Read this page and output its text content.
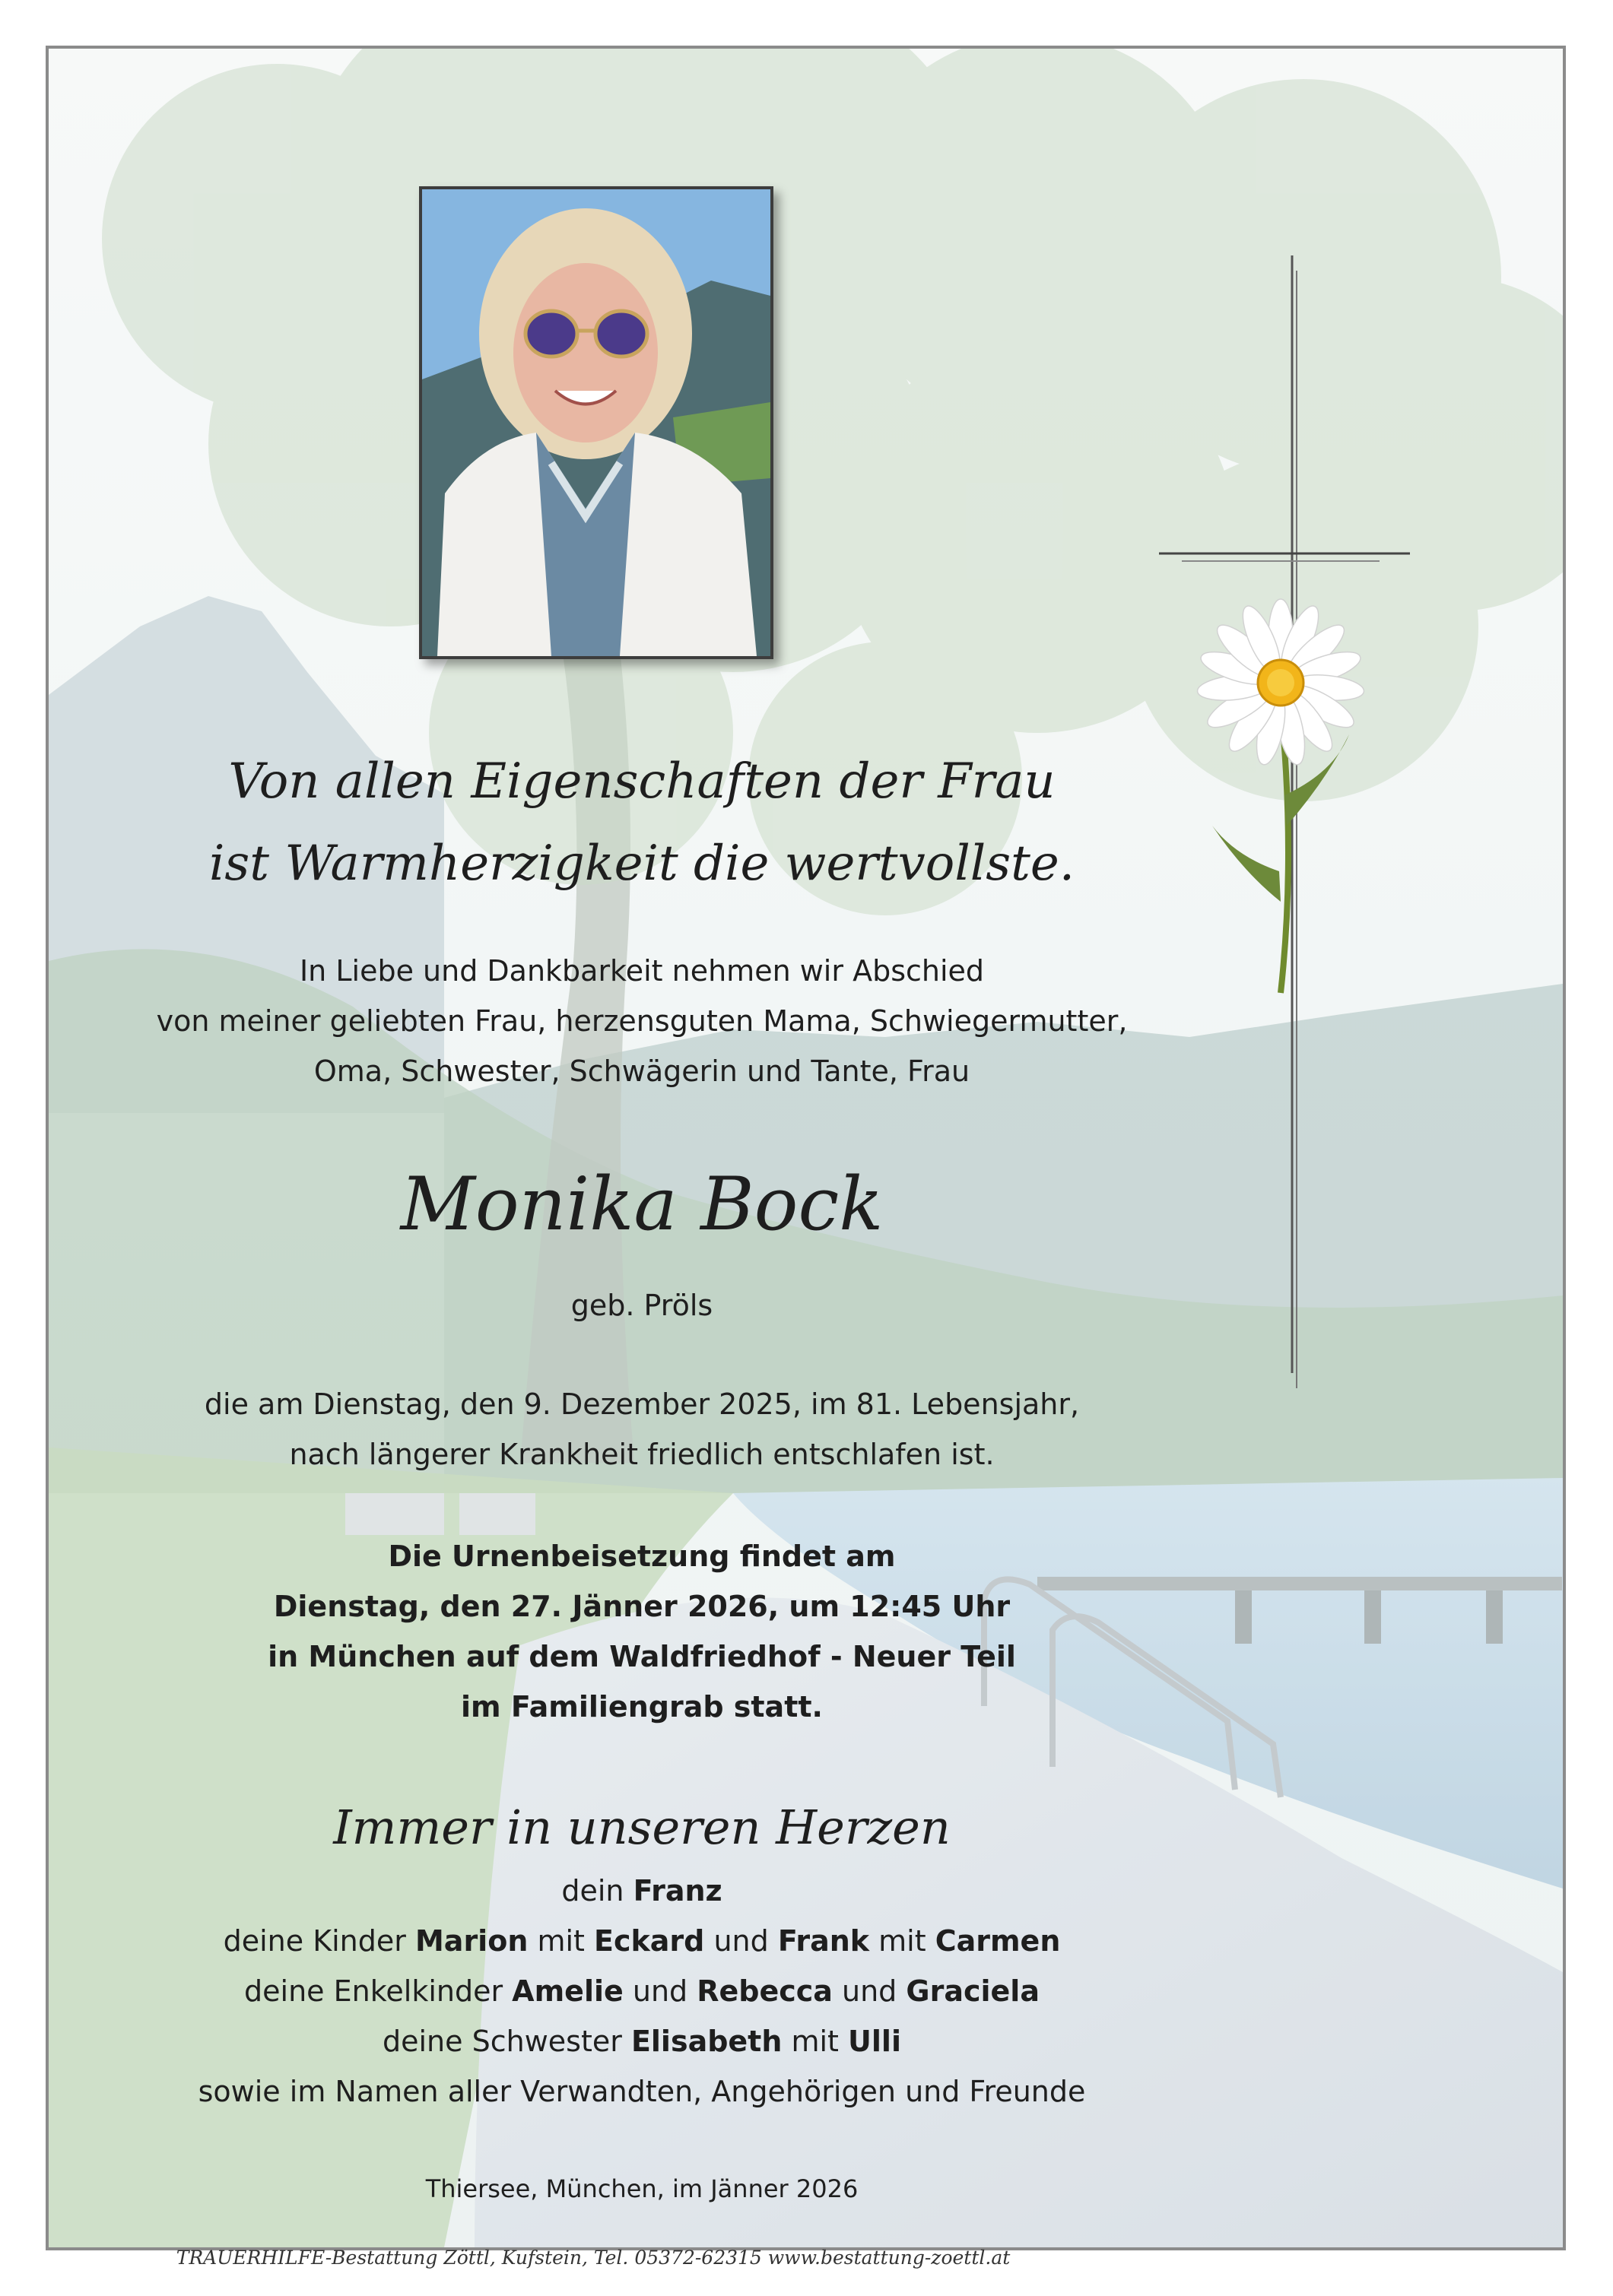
Von allen Eigenschaften der Frau
ist Warmherzigkeit die wertvollste.

In Liebe und Dankbarkeit nehmen wir Abschied

von meiner geliebten Frau, herzensguten Mama, Schwiegermutter,

Oma, Schwester, Schwägerin und Tante, Frau

Monika Bock
geb. Pröls

die am Dienstag, den 9. Dezember 2025, im 81. Lebensjahr,

nach längerer Krankheit friedlich entschlafen ist.

Die Urnenbeisetzung findet am

Dienstag, den 27. Jänner 2026, um 12:45 Uhr

in München auf dem Waldfriedhof - Neuer Teil

im Familiengrab statt.

Immer in unseren Herzen

dein Franz

deine Kinder Marion mit Eckard und Frank mit Carmen

deine Enkelkinder Amelie und Rebecca und Graciela

deine Schwester Elisabeth mit Ulli

sowie im Namen aller Verwandten, Angehörigen und Freunde

Thiersee, München, im Jänner 2026
TRAUERHILFE-Bestattung Zöttl, Kufstein, Tel. 05372-62315 www.bestattung-zoettl.at
